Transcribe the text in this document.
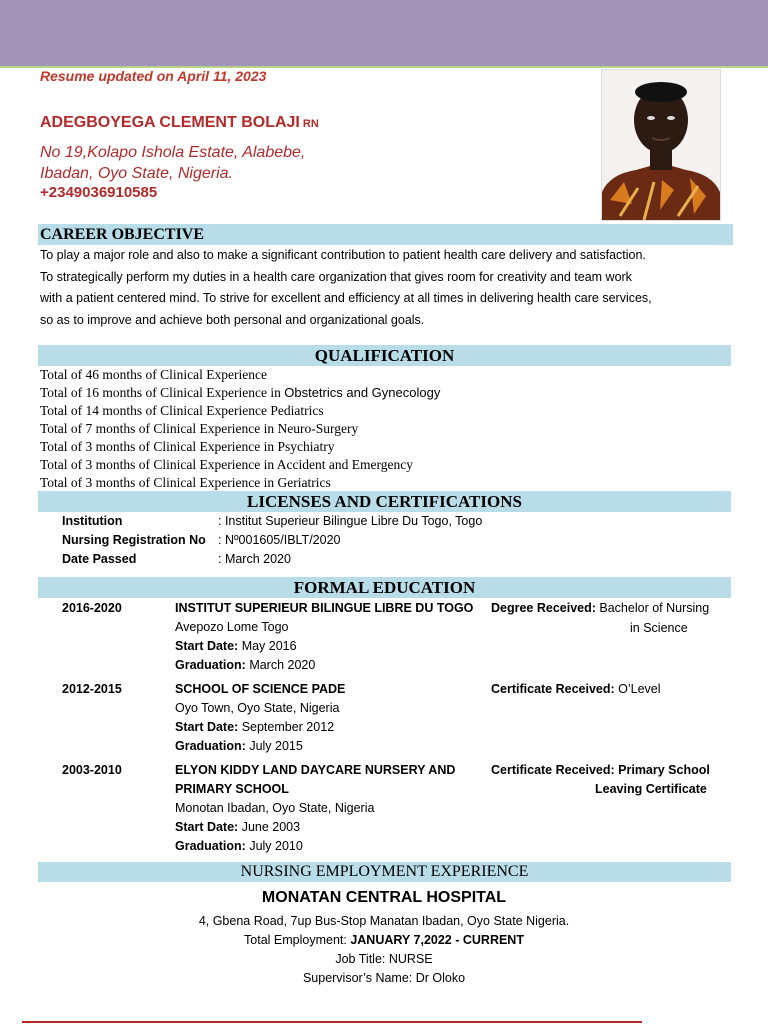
Resume updated on April 11, 2023
ADEGBOYEGA CLEMENT BOLAJI RN
No 19,Kolapo Ishola Estate, Alabebe,
Ibadan, Oyo State, Nigeria.
+2349036910585
CAREER OBJECTIVE
To play a major role and also to make a significant contribution to patient health care delivery and satisfaction.
To strategically perform my duties in a health care organization that gives room for creativity and team work
with a patient centered mind. To strive for excellent and efficiency at all times in delivering health care services,
so as to improve and achieve both personal and organizational goals.
QUALIFICATION
Total of 46 months of Clinical Experience
Total of 16 months of Clinical Experience in Obstetrics and Gynecology
Total of 14 months of Clinical Experience Pediatrics
Total of 7 months of Clinical Experience in Neuro-Surgery
Total of 3 months of Clinical Experience in Psychiatry
Total of 3 months of Clinical Experience in Accident and Emergency
Total of 3 months of Clinical Experience in Geriatrics
LICENSES AND CERTIFICATIONS
Institution	: Institut Superieur Bilingue Libre Du Togo, Togo
Nursing Registration No : Nº001605/IBLT/2020
Date Passed	: March 2020
FORMAL EDUCATION
2016-2020	INSTITUT SUPERIEUR BILINGUE LIBRE DU TOGO
Avepozo Lome Togo
Start Date: May 2016
Graduation: March 2020
Degree Received: Bachelor of Nursing
in Science
2012-2015	SCHOOL OF SCIENCE PADE
Oyo Town, Oyo State, Nigeria
Start Date: September 2012
Graduation: July 2015
Certificate Received: O’Level
2003-2010	ELYON KIDDY LAND DAYCARE NURSERY AND
PRIMARY SCHOOL
Monotan Ibadan, Oyo State, Nigeria
Start Date: June 2003
Graduation: July 2010
Certificate Received: Primary School
Leaving Certificate
NURSING EMPLOYMENT EXPERIENCE
MONATAN CENTRAL HOSPITAL
4, Gbena Road, 7up Bus-Stop Manatan Ibadan, Oyo State Nigeria.
Total Employment: JANUARY 7,2022 - CURRENT
Job Title: NURSE
Supervisor’s Name: Dr Oloko
